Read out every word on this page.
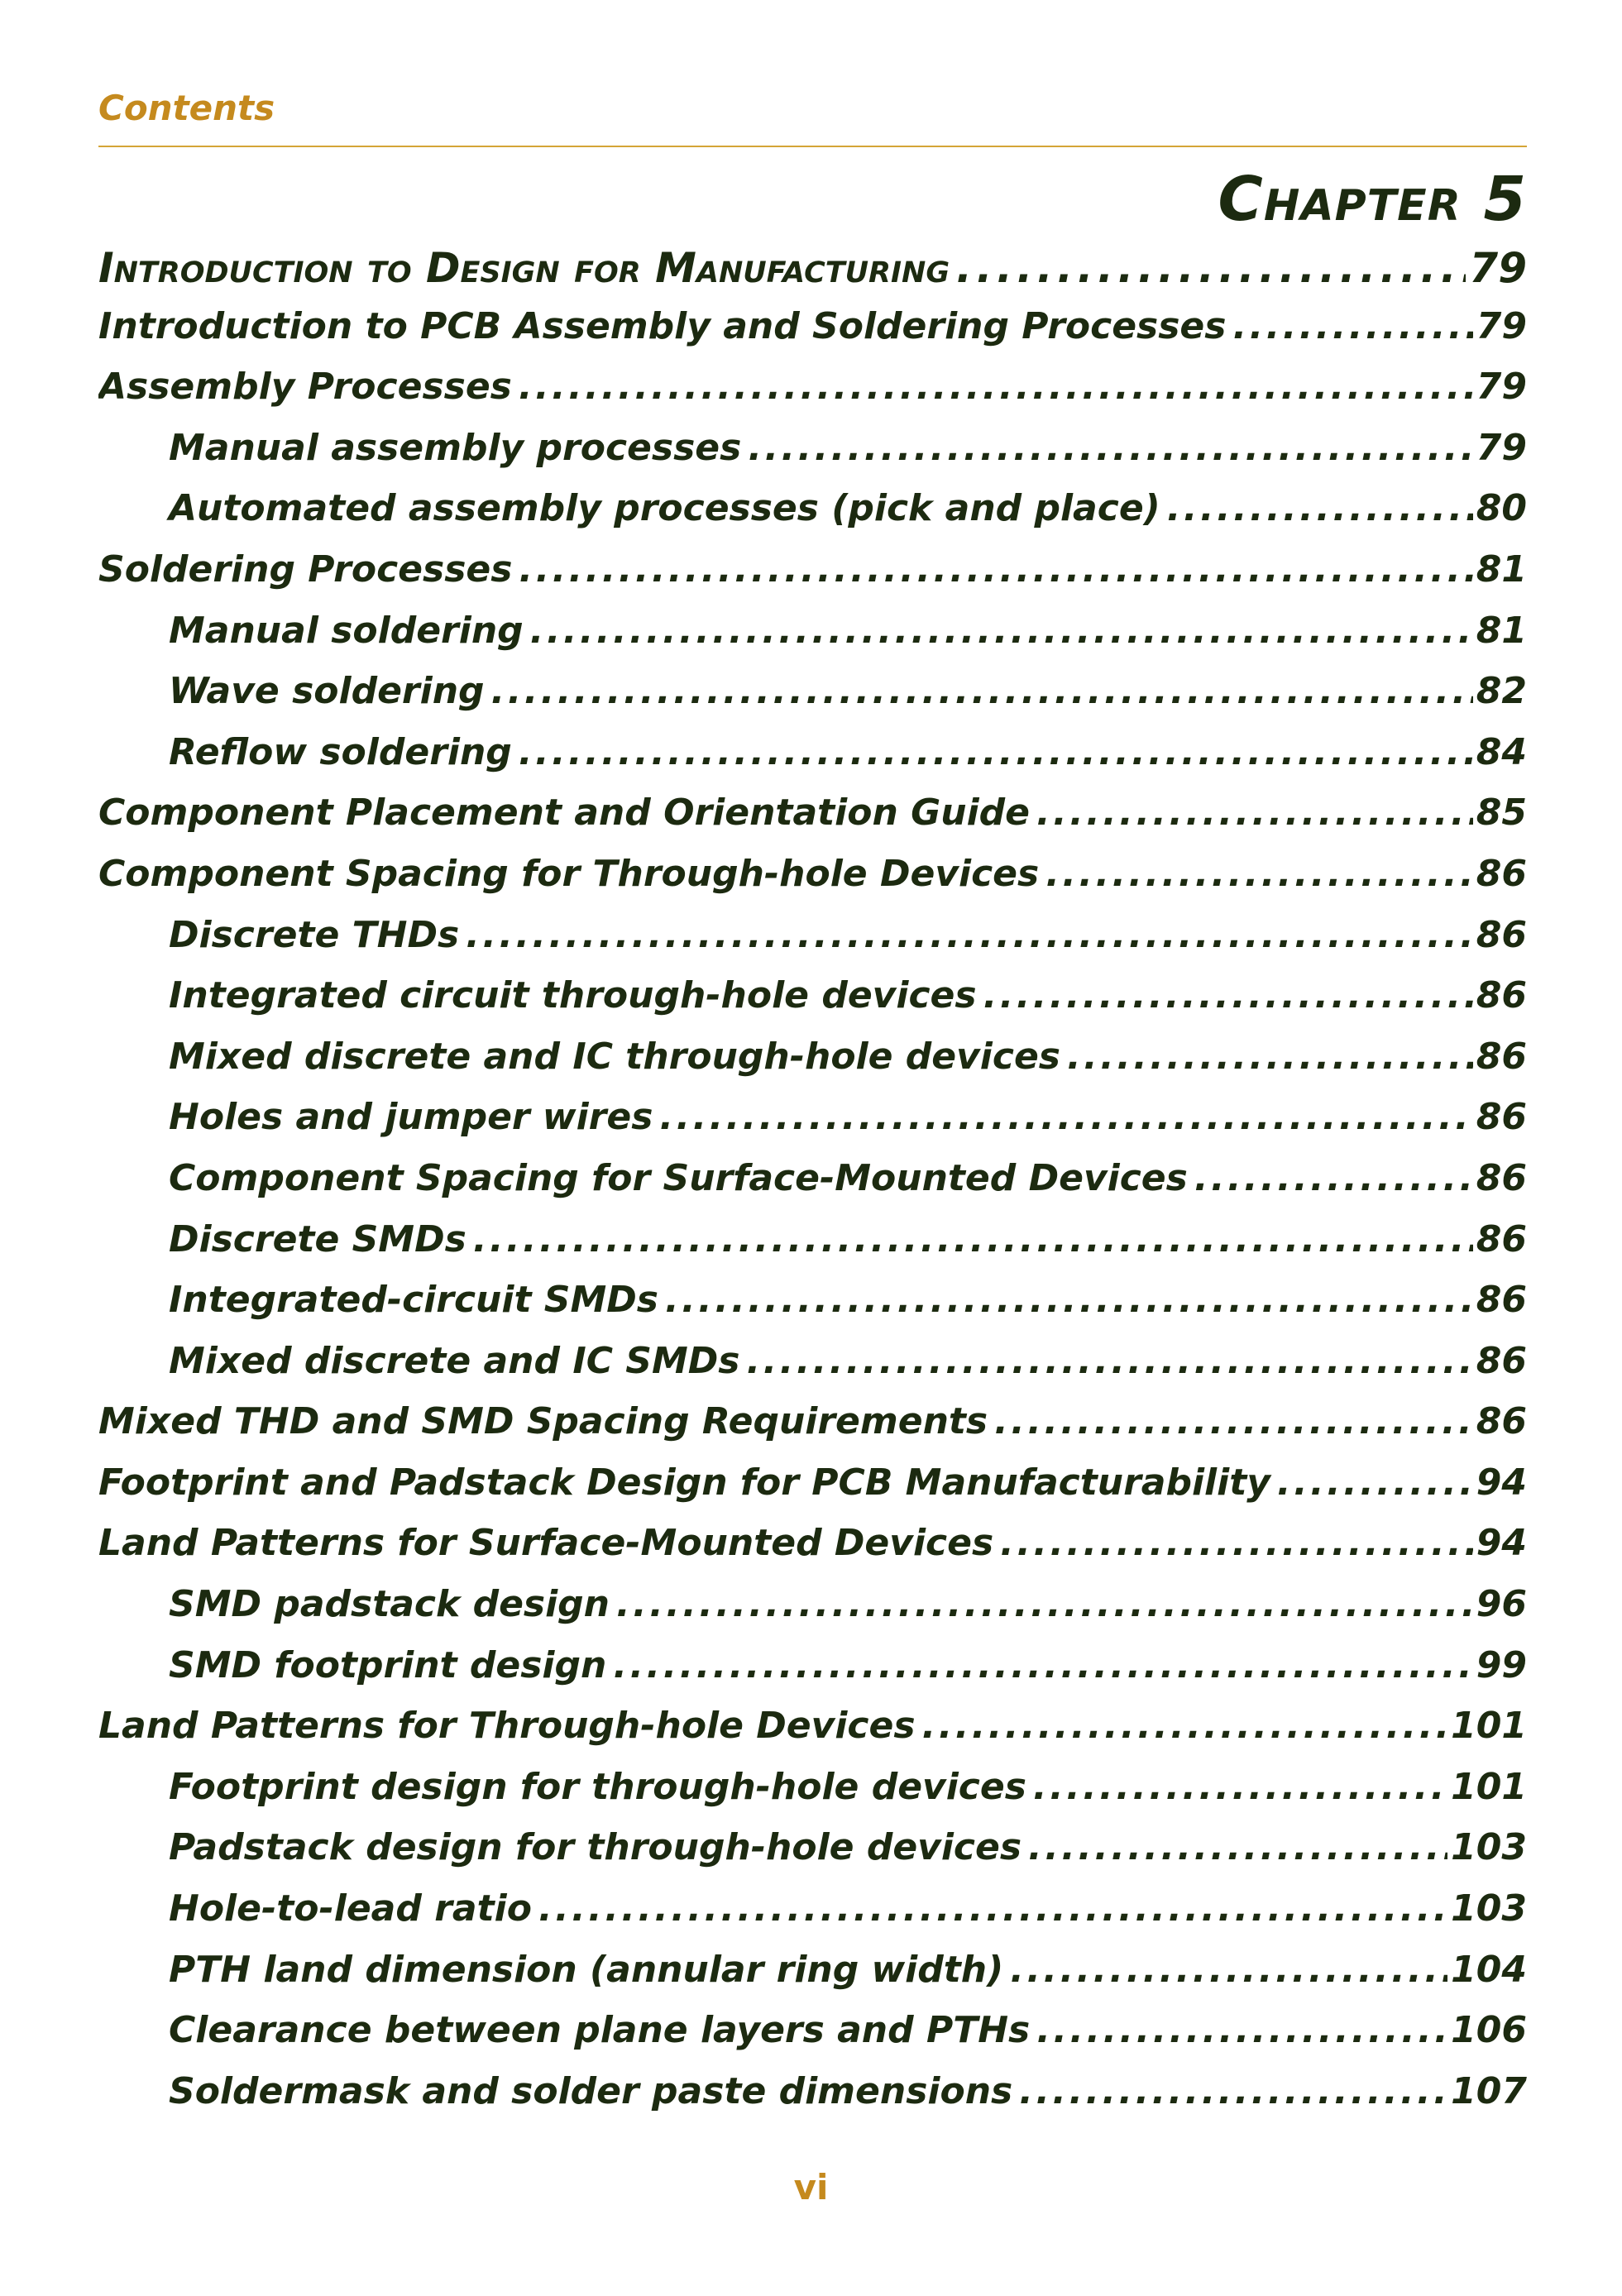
Contents

Chapter 5
Introduction to Design for Manufacturing . . .	79
Introduction to PCB Assembly and Soldering Processes . . .	79
Assembly Processes . . .	79
Manual assembly processes . . .	79
Automated assembly processes (pick and place) . . .	80
Soldering Processes . . .	81
Manual soldering . . .	81
Wave soldering . . .	82
Reflow soldering . . .	84
Component Placement and Orientation Guide . . .	85
Component Spacing for Through-hole Devices . . .	86
Discrete THDs . . .	86
Integrated circuit through-hole devices . . .	86
Mixed discrete and IC through-hole devices . . .	86
Holes and jumper wires . . .	86
Component Spacing for Surface-Mounted Devices . . .	86
Discrete SMDs . . .	86
Integrated-circuit SMDs . . .	86
Mixed discrete and IC SMDs . . .	86
Mixed THD and SMD Spacing Requirements . . .	86
Footprint and Padstack Design for PCB Manufacturability . . .	94
Land Patterns for Surface-Mounted Devices . . .	94
SMD padstack design . . .	96
SMD footprint design . . .	99
Land Patterns for Through-hole Devices . . .	101
Footprint design for through-hole devices . . .	101
Padstack design for through-hole devices . . .	103
Hole-to-lead ratio . . .	103
PTH land dimension (annular ring width) . . .	104
Clearance between plane layers and PTHs . . .	106
Soldermask and solder paste dimensions . . .	107

vi
